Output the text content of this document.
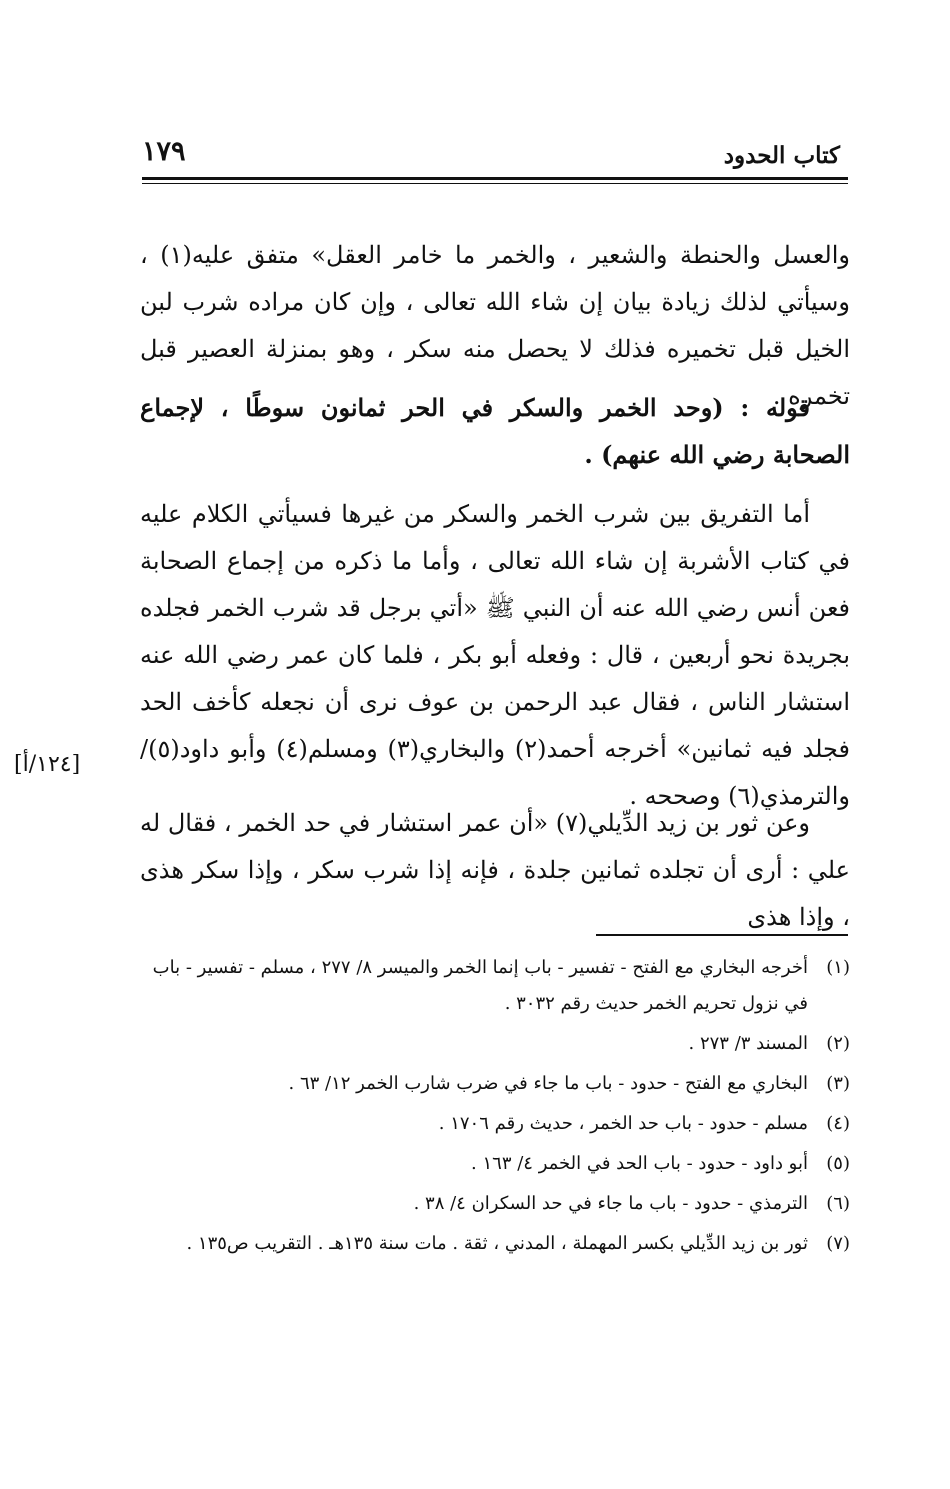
كتاب الحدود
١٧٩

والعسل والحنطة والشعير ، والخمر ما خامر العقل» متفق عليه(١) ، وسيأتي لذلك زيادة بيان إن شاء الله تعالى ، وإن كان مراده شرب لبن الخيل قبل تخميره فذلك لا يحصل منه سكر ، وهو بمنزلة العصير قبل تخمره .

قوله : (وحد الخمر والسكر في الحر ثمانون سوطًا ، لإجماع الصحابة رضي الله عنهم) .

أما التفريق بين شرب الخمر والسكر من غيرها فسيأتي الكلام عليه في كتاب الأشربة إن شاء الله تعالى ، وأما ما ذكره من إجماع الصحابة فعن أنس رضي الله عنه أن النبي ﷺ «أتي برجل قد شرب الخمر فجلده بجريدة نحو أربعين ، قال : وفعله أبو بكر ، فلما كان عمر رضي الله عنه استشار الناس ، فقال عبد الرحمن بن عوف نرى أن نجعله كأخف الحد فجلد فيه ثمانين» أخرجه أحمد(٢) والبخاري(٣) ومسلم(٤) وأبو داود(٥)/ والترمذي(٦) وصححه .

[١٢٤/أ]

وعن ثور بن زيد الدِّيلي(٧) «أن عمر استشار في حد الخمر ، فقال له علي : أرى أن تجلده ثمانين جلدة ، فإنه إذا شرب سكر ، وإذا سكر هذى ، وإذا هذى

(١)
أخرجه البخاري مع الفتح - تفسير - باب إنما الخمر والميسر ٨/ ٢٧٧ ، مسلم - تفسير - باب في نزول تحريم الخمر حديث رقم ٣٠٣٢ .
(٢)
المسند ٣/ ٢٧٣ .
(٣)
البخاري مع الفتح - حدود - باب ما جاء في ضرب شارب الخمر ١٢/ ٦٣ .
(٤)
مسلم - حدود - باب حد الخمر ، حديث رقم ١٧٠٦ .
(٥)
أبو داود - حدود - باب الحد في الخمر ٤/ ١٦٣ .
(٦)
الترمذي - حدود - باب ما جاء في حد السكران ٤/ ٣٨ .
(٧)
ثور بن زيد الدِّيلي بكسر المهملة ، المدني ، ثقة . مات سنة ١٣٥هـ . التقريب ص١٣٥ .
